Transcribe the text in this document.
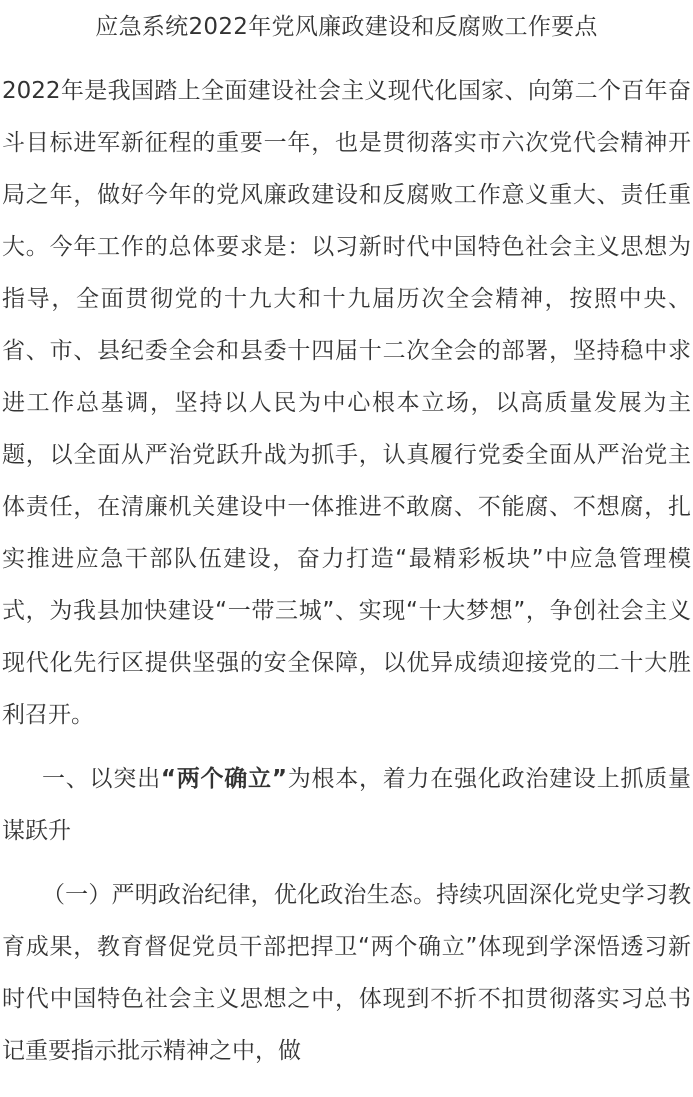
应急系统2022年党风廉政建设和反腐败工作要点

2022年是我国踏上全面建设社会主义现代化国家、向第二个百年奋斗目标进军新征程的重要一年，也是贯彻落实市六次党代会精神开局之年，做好今年的党风廉政建设和反腐败工作意义重大、责任重大。今年工作的总体要求是：以习新时代中国特色社会主义思想为指导，全面贯彻党的十九大和十九届历次全会精神，按照中央、省、市、县纪委全会和县委十四届十二次全会的部署，坚持稳中求进工作总基调，坚持以人民为中心根本立场，以高质量发展为主题，以全面从严治党跃升战为抓手，认真履行党委全面从严治党主体责任，在清廉机关建设中一体推进不敢腐、不能腐、不想腐，扎实推进应急干部队伍建设，奋力打造“最精彩板块”中应急管理模式，为我县加快建设“一带三城”、实现“十大梦想”，争创社会主义现代化先行区提供坚强的安全保障，以优异成绩迎接党的二十大胜利召开。

一、以突出“两个确立”为根本，着力在强化政治建设上抓质量谋跃升

（一）严明政治纪律，优化政治生态。持续巩固深化党史学习教育成果，教育督促党员干部把捍卫“两个确立”体现到学深悟透习新时代中国特色社会主义思想之中，体现到不折不扣贯彻落实习总书记重要指示批示精神之中，做
